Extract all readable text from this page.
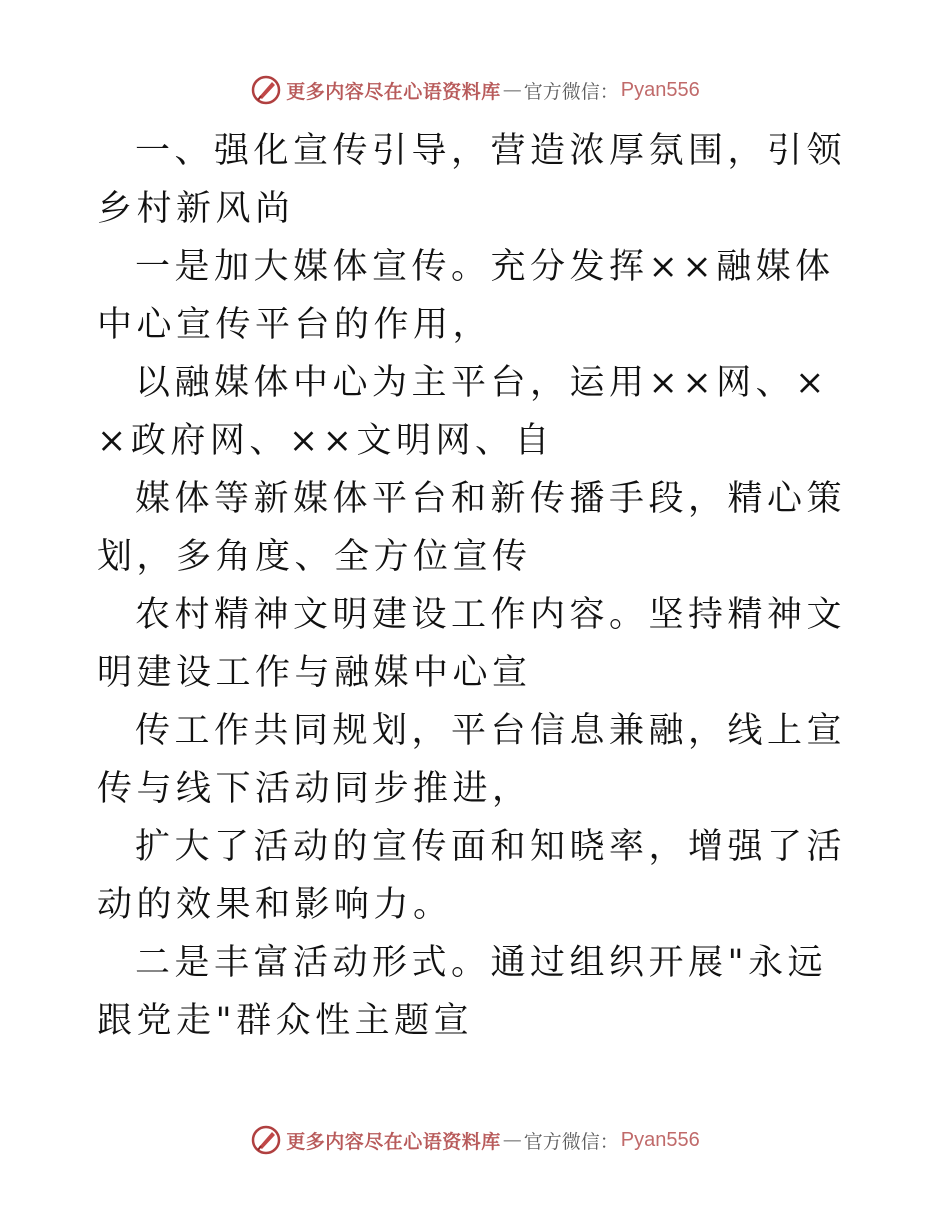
更多内容尽在心语资料库 — 官方微信： Pyan556

一、强化宣传引导，营造浓厚氛围，引领乡村新风尚

一是加大媒体宣传。充分发挥××融媒体中心宣传平台的作用，

以融媒体中心为主平台，运用××网、××政府网、××文明网、自

媒体等新媒体平台和新传播手段，精心策划，多角度、全方位宣传

农村精神文明建设工作内容。坚持精神文明建设工作与融媒中心宣

传工作共同规划，平台信息兼融，线上宣传与线下活动同步推进，

扩大了活动的宣传面和知晓率，增强了活动的效果和影响力。

二是丰富活动形式。通过组织开展"永远跟党走"群众性主题宣

更多内容尽在心语资料库 — 官方微信： Pyan556
